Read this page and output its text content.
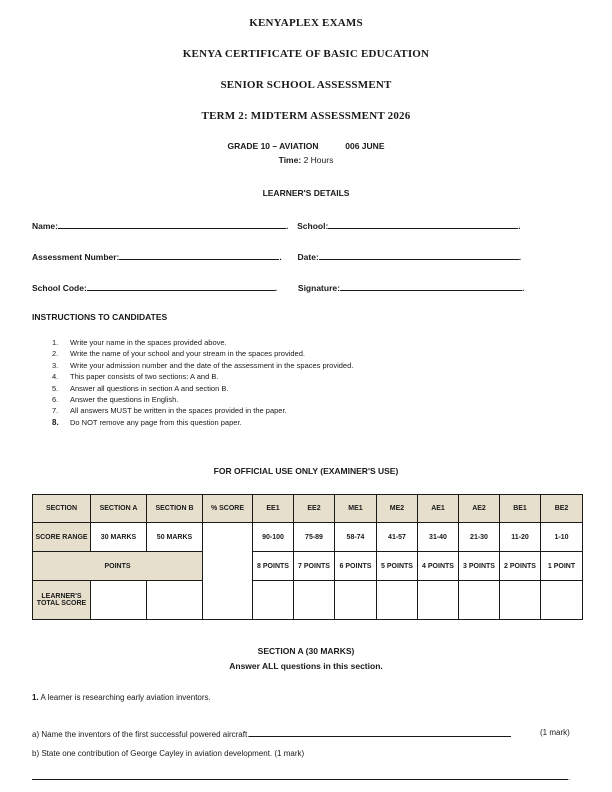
KENYAPLEX EXAMS
KENYA CERTIFICATE OF BASIC EDUCATION
SENIOR SCHOOL ASSESSMENT
TERM 2: MIDTERM ASSESSMENT 2026
GRADE 10 – AVIATION	006 JUNE
Time: 2 Hours
LEARNER'S DETAILS
Name:	. School:	.
Assessment Number:	. Date:	.
School Code:	. Signature:	.
INSTRUCTIONS TO CANDIDATES
1. Write your name in the spaces provided above.
2. Write the name of your school and your stream in the spaces provided.
3. Write your admission number and the date of the assessment in the spaces provided.
4. This paper consists of two sections: A and B.
5. Answer all questions in section A and section B.
6. Answer the questions in English.
7. All answers MUST be written in the spaces provided in the paper.
8. Do NOT remove any page from this question paper.
FOR OFFICIAL USE ONLY (EXAMINER'S USE)
SECTION	SECTION A	SECTION B	% SCORE	EE1	EE2	ME1	ME2	AE1	AE2	BE1	BE2
SCORE RANGE	30 MARKS	50 MARKS		90-100	75-89	58-74	41-57	31-40	21-30	11-20	1-10
POINTS				8 POINTS	7 POINTS	6 POINTS	5 POINTS	4 POINTS	3 POINTS	2 POINTS	1 POINT
LEARNER'S TOTAL SCORE											
SECTION A (30 MARKS)
Answer ALL questions in this section.
1. A learner is researching early aviation inventors.
a) Name the inventors of the first successful powered aircraft.	(1 mark)
b) State one contribution of George Cayley in aviation development. (1 mark)
.
